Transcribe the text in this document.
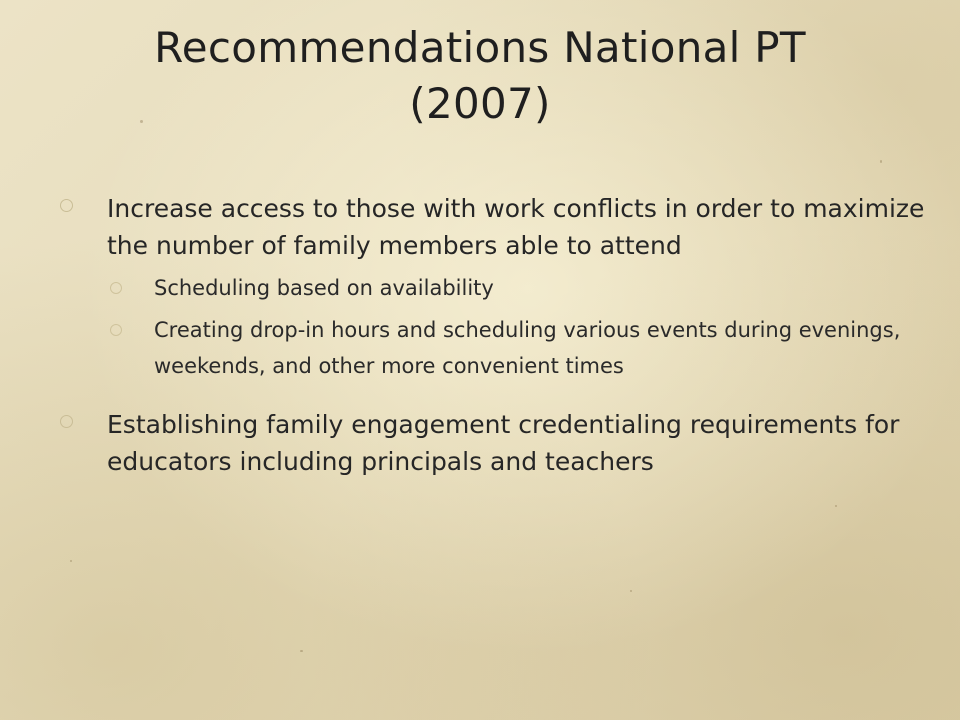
Recommendations National PT
(2007)
Increase access to those with work conflicts in order to maximize the number of family members able to attend
Scheduling based on availability
Creating drop-in hours and scheduling various events during evenings, weekends, and other more convenient times
Establishing family engagement credentialing requirements for educators including principals and teachers
